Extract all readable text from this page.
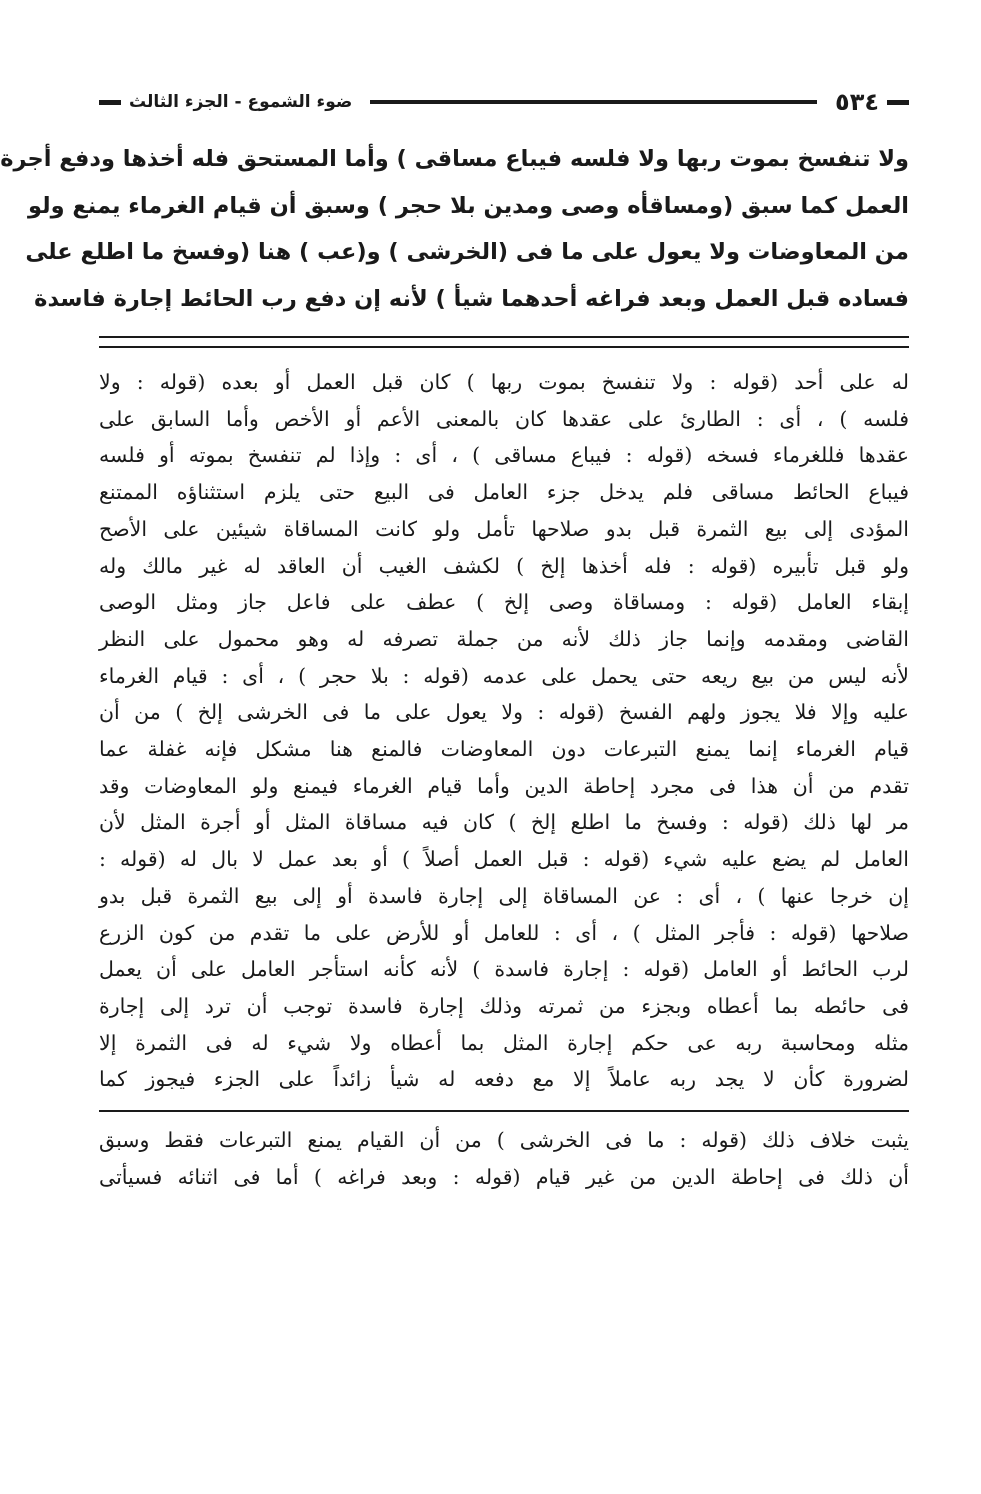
٥٣٤
ضوء الشموع - الجزء الثالث
ولا تنفسخ بموت ربها ولا فلسه فيباع مساقى ) وأما المستحق فله أخذها ودفع أجرة
العمل كما سبق (ومساقأه وصى ومدين بلا حجر ) وسبق أن قيام الغرماء يمنع ولو
من المعاوضات ولا يعول على ما فى (الخرشى ) و(عب ) هنا (وفسخ ما اطلع على
فساده قبل العمل وبعد فراغه أحدهما شيأ ) لأنه إن دفع رب الحائط إجارة فاسدة
له على أحد (قوله : ولا تنفسخ بموت ربها ) كان قبل العمل أو بعده (قوله : ولا
فلسه ) ، أى : الطارئ على عقدها كان بالمعنى الأعم أو الأخص وأما السابق على
عقدها فللغرماء فسخه (قوله : فيباع مساقى ) ، أى : وإذا لم تنفسخ بموته أو فلسه
فيباع الحائط مساقى فلم يدخل جزء العامل فى البيع حتى يلزم استثناؤه الممتنع
المؤدى إلى بيع الثمرة قبل بدو صلاحها تأمل ولو كانت المساقاة شيئين على الأصح
ولو قبل تأبيره (قوله : فله أخذها إلخ ) لكشف الغيب أن العاقد له غير مالك وله
إبقاء العامل (قوله : ومساقاة وصى إلخ ) عطف على فاعل جاز ومثل الوصى
القاضى ومقدمه وإنما جاز ذلك لأنه من جملة تصرفه له وهو محمول على النظر
لأنه ليس من بيع ريعه حتى يحمل على عدمه (قوله : بلا حجر ) ، أى : قيام الغرماء
عليه وإلا فلا يجوز ولهم الفسخ (قوله : ولا يعول على ما فى الخرشى إلخ ) من أن
قيام الغرماء إنما يمنع التبرعات دون المعاوضات فالمنع هنا مشكل فإنه غفلة عما
تقدم من أن هذا فى مجرد إحاطة الدين وأما قيام الغرماء فيمنع ولو المعاوضات وقد
مر لها ذلك (قوله : وفسخ ما اطلع إلخ ) كان فيه مساقاة المثل أو أجرة المثل لأن
العامل لم يضع عليه شيء (قوله : قبل العمل أصلاً ) أو بعد عمل لا بال له (قوله :
إن خرجا عنها ) ، أى : عن المساقاة إلى إجارة فاسدة أو إلى بيع الثمرة قبل بدو
صلاحها (قوله : فأجر المثل ) ، أى : للعامل أو للأرض على ما تقدم من كون الزرع
لرب الحائط أو العامل (قوله : إجارة فاسدة ) لأنه كأنه استأجر العامل على أن يعمل
فى حائطه بما أعطاه وبجزء من ثمرته وذلك إجارة فاسدة توجب أن ترد إلى إجارة
مثله ومحاسبة ربه عى حكم إجارة المثل بما أعطاه ولا شيء له فى الثمرة إلا
لضرورة كأن لا يجد ربه عاملاً إلا مع دفعه له شيأ زائداً على الجزء فيجوز كما
يثبت خلاف ذلك (قوله : ما فى الخرشى ) من أن القيام يمنع التبرعات فقط وسبق
أن ذلك فى إحاطة الدين من غير قيام (قوله : وبعد فراغه ) أما فى اثنائه فسيأتى
